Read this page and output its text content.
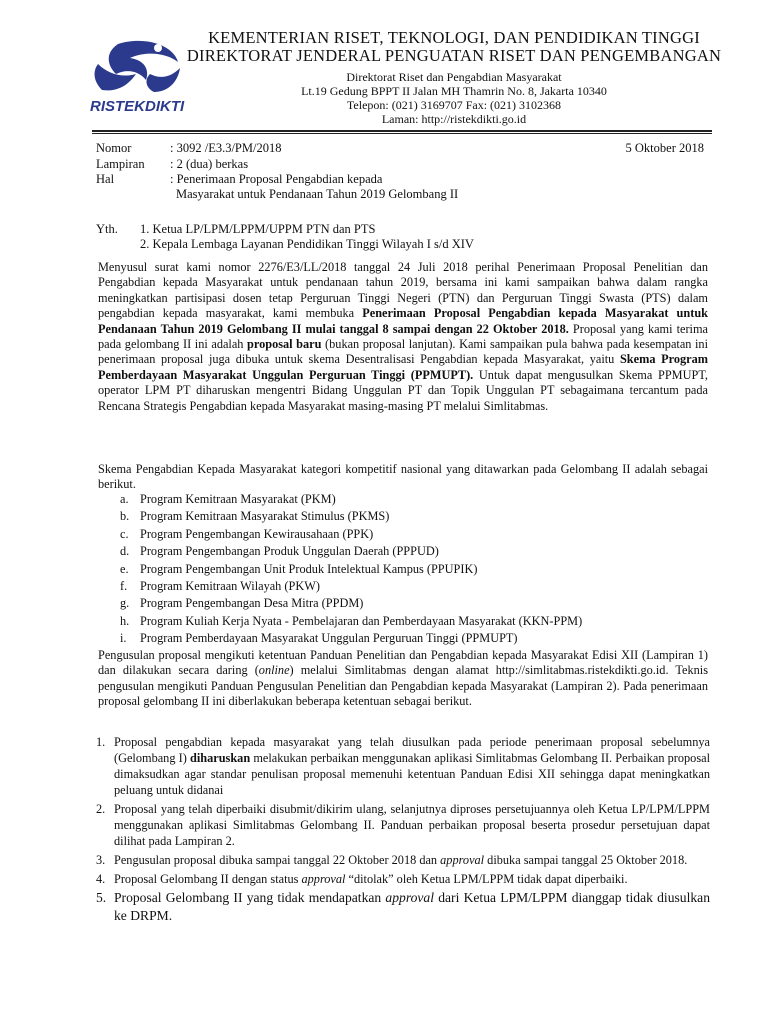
RISTEKDIKTI
KEMENTERIAN RISET, TEKNOLOGI, DAN PENDIDIKAN TINGGI
DIREKTORAT JENDERAL PENGUATAN RISET DAN PENGEMBANGAN
Direktorat Riset dan Pengabdian Masyarakat
Lt.19 Gedung BPPT II Jalan MH Thamrin No. 8, Jakarta 10340
Telepon: (021) 3169707 Fax: (021) 3102368
Laman: http://ristekdikti.go.id
Nomor	: 3092 /E3.3/PM/2018	5 Oktober 2018
Lampiran : 2 (dua) berkas
Hal	: Penerimaan Proposal Pengabdian kepada
Masyarakat untuk Pendanaan Tahun 2019 Gelombang II
Yth. 1. Ketua LP/LPM/LPPM/UPPM PTN dan PTS
2. Kepala Lembaga Layanan Pendidikan Tinggi Wilayah I s/d XIV

Menyusul surat kami nomor 2276/E3/LL/2018 tanggal 24 Juli 2018 perihal Penerimaan Proposal Penelitian dan Pengabdian kepada Masyarakat untuk pendanaan tahun 2019, bersama ini kami sampaikan bahwa dalam rangka meningkatkan partisipasi dosen tetap Perguruan Tinggi Negeri (PTN) dan Perguruan Tinggi Swasta (PTS) dalam pengabdian kepada masyarakat, kami membuka Penerimaan Proposal Pengabdian kepada Masyarakat untuk Pendanaan Tahun 2019 Gelombang II mulai tanggal 8 sampai dengan 22 Oktober 2018. Proposal yang kami terima pada gelombang II ini adalah proposal baru (bukan proposal lanjutan). Kami sampaikan pula bahwa pada kesempatan ini penerimaan proposal juga dibuka untuk skema Desentralisasi Pengabdian kepada Masyarakat, yaitu Skema Program Pemberdayaan Masyarakat Unggulan Perguruan Tinggi (PPMUPT). Untuk dapat mengusulkan Skema PPMUPT, operator LPM PT diharuskan mengentri Bidang Unggulan PT dan Topik Unggulan PT sebagaimana tercantum pada Rencana Strategis Pengabdian kepada Masyarakat masing-masing PT melalui Simlitabmas.

Skema Pengabdian Kepada Masyarakat kategori kompetitif nasional yang ditawarkan pada Gelombang II adalah sebagai berikut.

a. Program Kemitraan Masyarakat (PKM)
b. Program Kemitraan Masyarakat Stimulus (PKMS)
c. Program Pengembangan Kewirausahaan (PPK)
d. Program Pengembangan Produk Unggulan Daerah (PPPUD)
e. Program Pengembangan Unit Produk Intelektual Kampus (PPUPIK)
f. Program Kemitraan Wilayah (PKW)
g. Program Pengembangan Desa Mitra (PPDM)
h. Program Kuliah Kerja Nyata - Pembelajaran dan Pemberdayaan Masyarakat (KKN-PPM)
i. Program Pemberdayaan Masyarakat Unggulan Perguruan Tinggi (PPMUPT)

Pengusulan proposal mengikuti ketentuan Panduan Penelitian dan Pengabdian kepada Masyarakat Edisi XII (Lampiran 1) dan dilakukan secara daring (online) melalui Simlitabmas dengan alamat http://simlitabmas.ristekdikti.go.id. Teknis pengusulan mengikuti Panduan Pengusulan Penelitian dan Pengabdian kepada Masyarakat (Lampiran 2). Pada penerimaan proposal gelombang II ini diberlakukan beberapa ketentuan sebagai berikut.

1. Proposal pengabdian kepada masyarakat yang telah diusulkan pada periode penerimaan proposal sebelumnya (Gelombang I) diharuskan melakukan perbaikan menggunakan aplikasi Simlitabmas Gelombang II. Perbaikan proposal dimaksudkan agar standar penulisan proposal memenuhi ketentuan Panduan Edisi XII sehingga dapat meningkatkan peluang untuk didanai
2. Proposal yang telah diperbaiki disubmit/dikirim ulang, selanjutnya diproses persetujuannya oleh Ketua LP/LPM/LPPM menggunakan aplikasi Simlitabmas Gelombang II. Panduan perbaikan proposal beserta prosedur persetujuan dapat dilihat pada Lampiran 2.
3. Pengusulan proposal dibuka sampai tanggal 22 Oktober 2018 dan approval dibuka sampai tanggal 25 Oktober 2018.
4. Proposal Gelombang II dengan status approval “ditolak” oleh Ketua LPM/LPPM tidak dapat diperbaiki.
5. Proposal Gelombang II yang tidak mendapatkan approval dari Ketua LPM/LPPM dianggap tidak diusulkan ke DRPM.
